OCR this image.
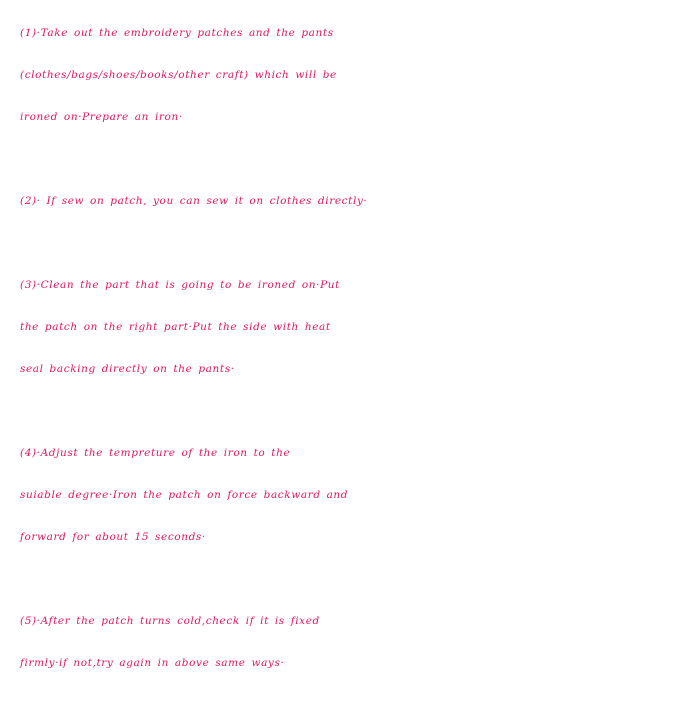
(1)·Take out the embroidery patches and the pants
(clothes/bags/shoes/books/other craft) which will be
ironed on·Prepare an iron·
(2)· If sew on patch, you can sew it on clothes directly·
(3)·Clean the part that is going to be ironed on·Put
the patch on the right part·Put the side with heat
seal backing directly on the pants·
(4)·Adjust the tempreture of the iron to the
suiable degree·Iron the patch on force backward and
forward for about 15 seconds·
(5)·After the patch turns cold,check if it is fixed
firmly·if not,try again in above same ways·
